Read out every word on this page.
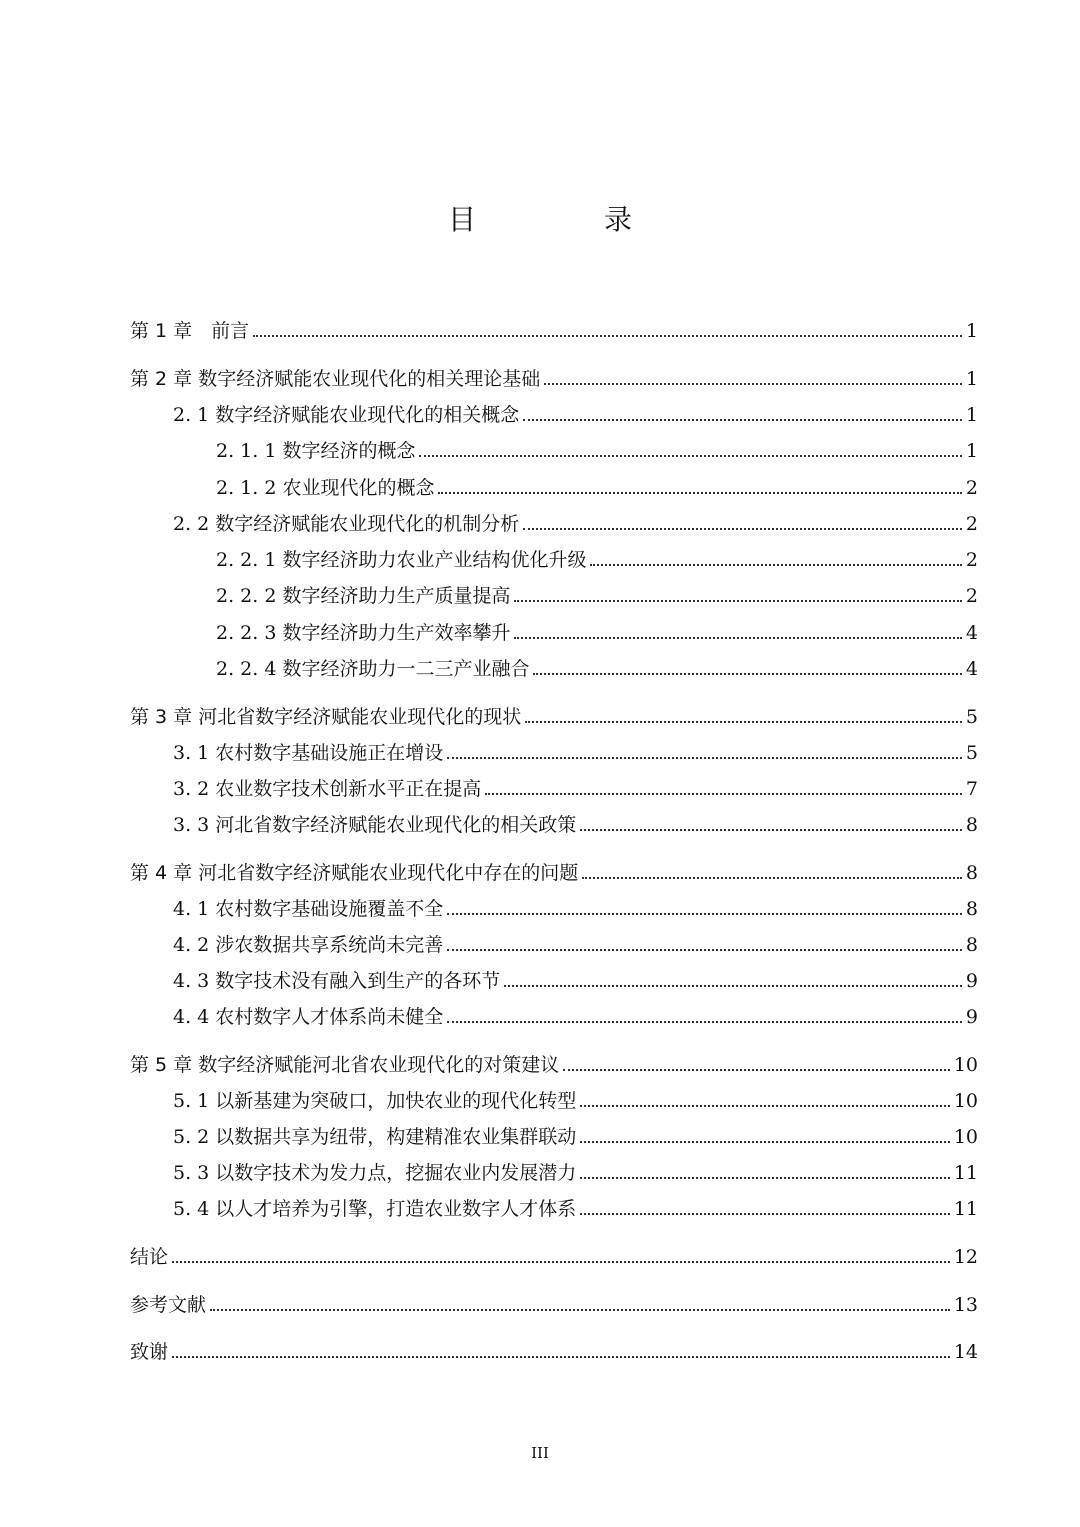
目　录
第 1 章　前言	1
第 2 章 数字经济赋能农业现代化的相关理论基础	1
2. 1 数字经济赋能农业现代化的相关概念	1
2. 1. 1 数字经济的概念	1
2. 1. 2 农业现代化的概念	2
2. 2 数字经济赋能农业现代化的机制分析	2
2. 2. 1 数字经济助力农业产业结构优化升级	2
2. 2. 2 数字经济助力生产质量提高	2
2. 2. 3 数字经济助力生产效率攀升	4
2. 2. 4 数字经济助力一二三产业融合	4
第 3 章 河北省数字经济赋能农业现代化的现状	5
3. 1 农村数字基础设施正在增设	5
3. 2 农业数字技术创新水平正在提高	7
3. 3 河北省数字经济赋能农业现代化的相关政策	8
第 4 章 河北省数字经济赋能农业现代化中存在的问题	8
4. 1 农村数字基础设施覆盖不全	8
4. 2 涉农数据共享系统尚未完善	8
4. 3 数字技术没有融入到生产的各环节	9
4. 4 农村数字人才体系尚未健全	9
第 5 章 数字经济赋能河北省农业现代化的对策建议	10
5. 1 以新基建为突破口，加快农业的现代化转型	10
5. 2 以数据共享为纽带，构建精准农业集群联动	10
5. 3 以数字技术为发力点，挖掘农业内发展潜力	11
5. 4 以人才培养为引擎，打造农业数字人才体系	11
结论	12
参考文献	13
致谢	14
III
